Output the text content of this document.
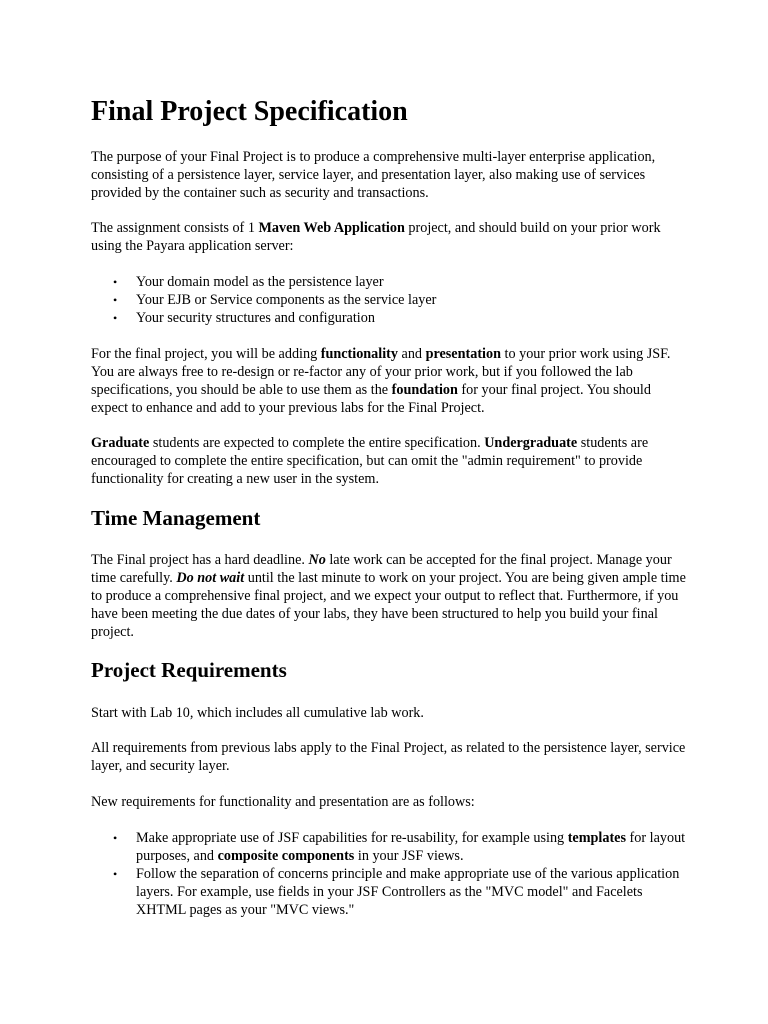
Final Project Specification

The purpose of your Final Project is to produce a comprehensive multi-layer enterprise application, consisting of a persistence layer, service layer, and presentation layer, also making use of services provided by the container such as security and transactions.

The assignment consists of 1 Maven Web Application project, and should build on your prior work using the Payara application server:

• Your domain model as the persistence layer
• Your EJB or Service components as the service layer
• Your security structures and configuration

For the final project, you will be adding functionality and presentation to your prior work using JSF. You are always free to re-design or re-factor any of your prior work, but if you followed the lab specifications, you should be able to use them as the foundation for your final project. You should expect to enhance and add to your previous labs for the Final Project.

Graduate students are expected to complete the entire specification. Undergraduate students are encouraged to complete the entire specification, but can omit the "admin requirement" to provide functionality for creating a new user in the system.

Time Management

The Final project has a hard deadline. No late work can be accepted for the final project. Manage your time carefully. Do not wait until the last minute to work on your project. You are being given ample time to produce a comprehensive final project, and we expect your output to reflect that. Furthermore, if you have been meeting the due dates of your labs, they have been structured to help you build your final project.

Project Requirements

Start with Lab 10, which includes all cumulative lab work.

All requirements from previous labs apply to the Final Project, as related to the persistence layer, service layer, and security layer.

New requirements for functionality and presentation are as follows:

• Make appropriate use of JSF capabilities for re-usability, for example using templates for layout purposes, and composite components in your JSF views.
• Follow the separation of concerns principle and make appropriate use of the various application layers. For example, use fields in your JSF Controllers as the "MVC model" and Facelets XHTML pages as your "MVC views."
